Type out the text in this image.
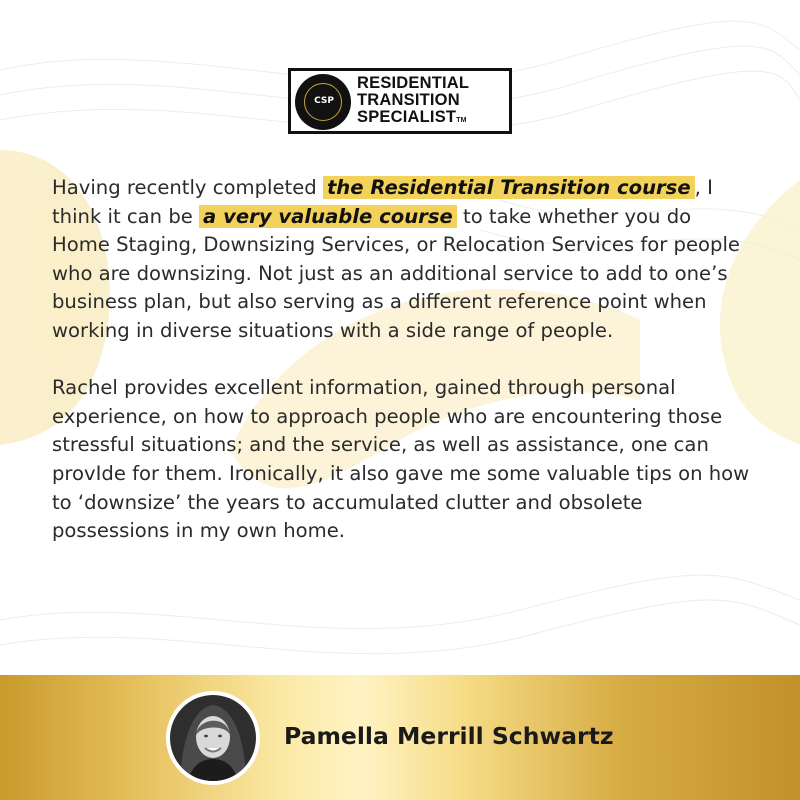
CSP
RESIDENTIAL
TRANSITION
SPECIALISTTM

Having recently completed the Residential Transition course , I think it can be a very valuable course to take whether you do Home Staging, Downsizing Services, or Relocation Services for people who are downsizing. Not just as an additional service to add to one’s business plan, but also serving as a different reference point when working in diverse situations with a side range of people.

Rachel provides excellent information, gained through personal experience, on how to approach people who are encountering those stressful situations; and the service, as well as assistance, one can provIde for them. Ironically, it also gave me some valuable tips on how to ‘downsize’ the years to accumulated clutter and obsolete possessions in my own home.

Pamella Merrill Schwartz
